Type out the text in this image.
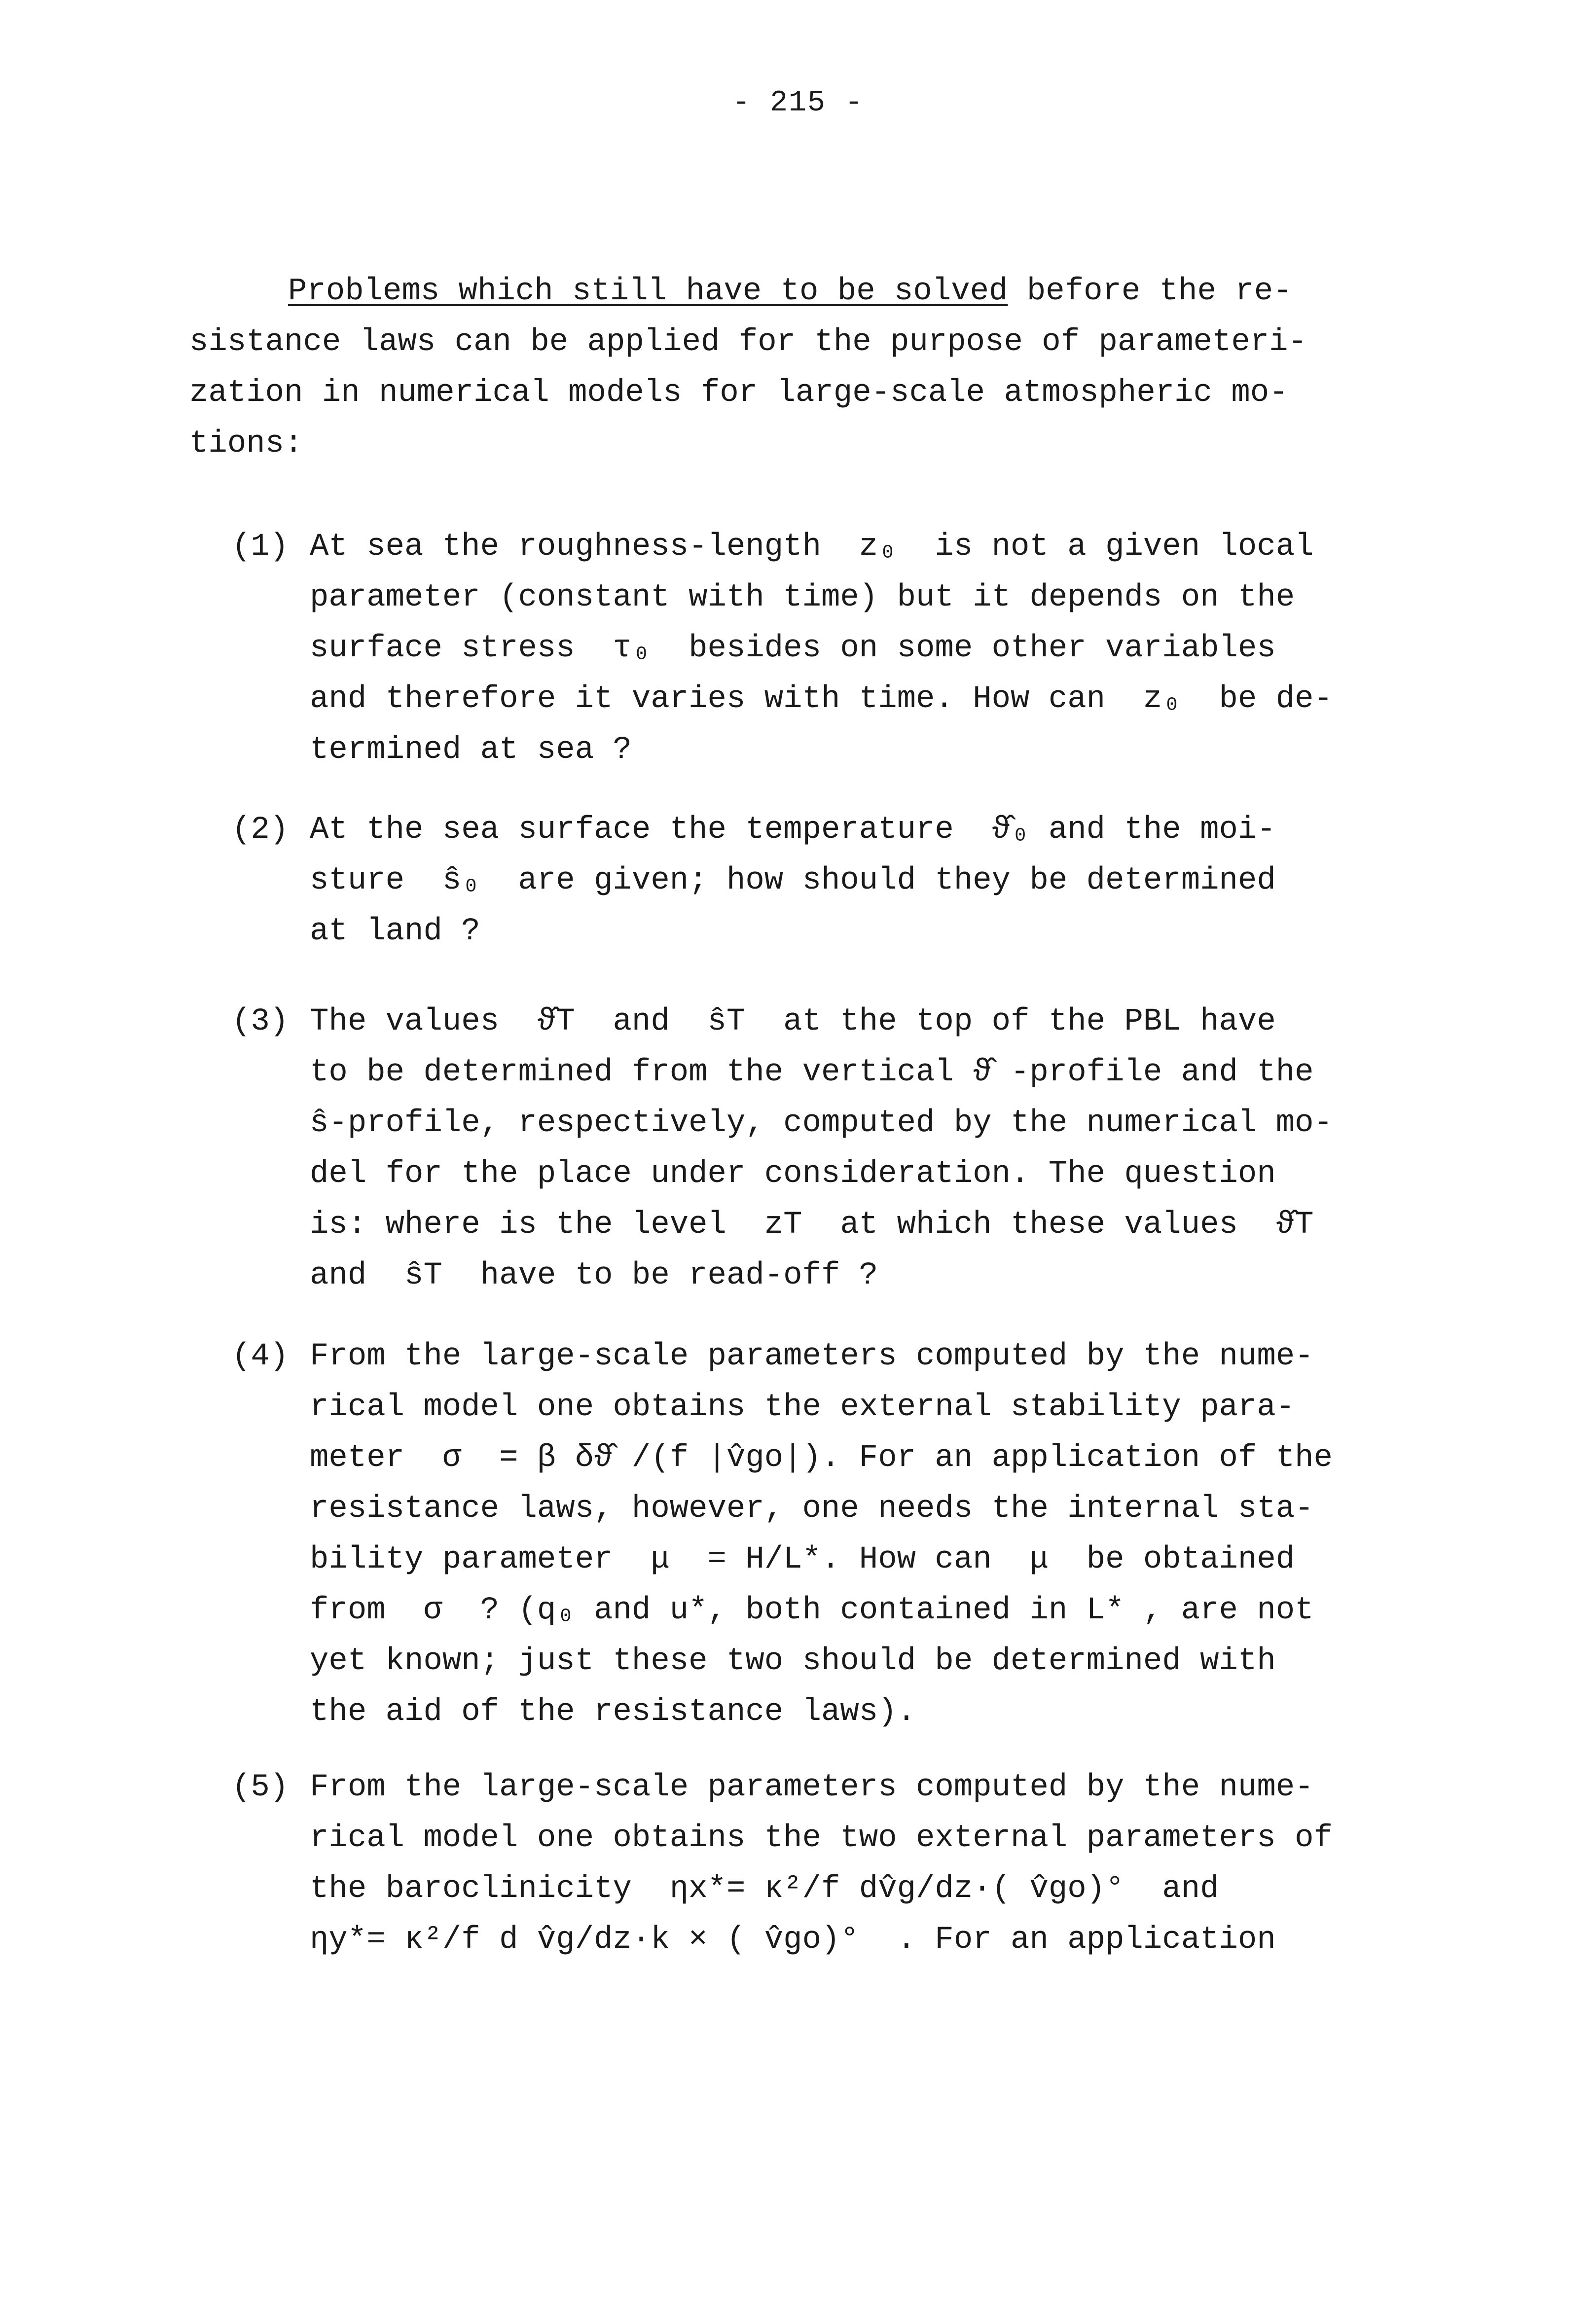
- 215 -
Problems which still have to be solved before the re-
sistance laws can be applied for the purpose of parameteri-
zation in numerical models for large-scale atmospheric mo-
tions:
(1) At sea the roughness-length  z₀  is not a given local
parameter (constant with time) but it depends on the
surface stress  τ₀  besides on some other variables
and therefore it varies with time. How can  z₀  be de-
termined at sea ?
(2) At the sea surface the temperature  ϑ̂₀ and the moi-
sture  ŝ₀  are given; how should they be determined
at land ?
(3) The values  ϑ̂T  and  ŝT  at the top of the PBL have
to be determined from the vertical ϑ̂ -profile and the
ŝ-profile, respectively, computed by the numerical mo-
del for the place under consideration. The question
is: where is the level  zT  at which these values  ϑ̂T
and  ŝT  have to be read-off ?
(4) From the large-scale parameters computed by the nume-
rical model one obtains the external stability para-
meter  σ  = β δϑ̂ /(f |v̂go|). For an application of the
resistance laws, however, one needs the internal sta-
bility parameter  μ  = H/L*. How can  μ  be obtained
from  σ  ? (q₀ and u*, both contained in L* , are not
yet known; just these two should be determined with
the aid of the resistance laws).
(5) From the large-scale parameters computed by the nume-
rical model one obtains the two external parameters of
the baroclinicity  ηx*= κ²/f dv̂g/dz·( v̂go)°  and
ηy*= κ²/f d v̂g/dz·k × ( v̂go)°  . For an application
